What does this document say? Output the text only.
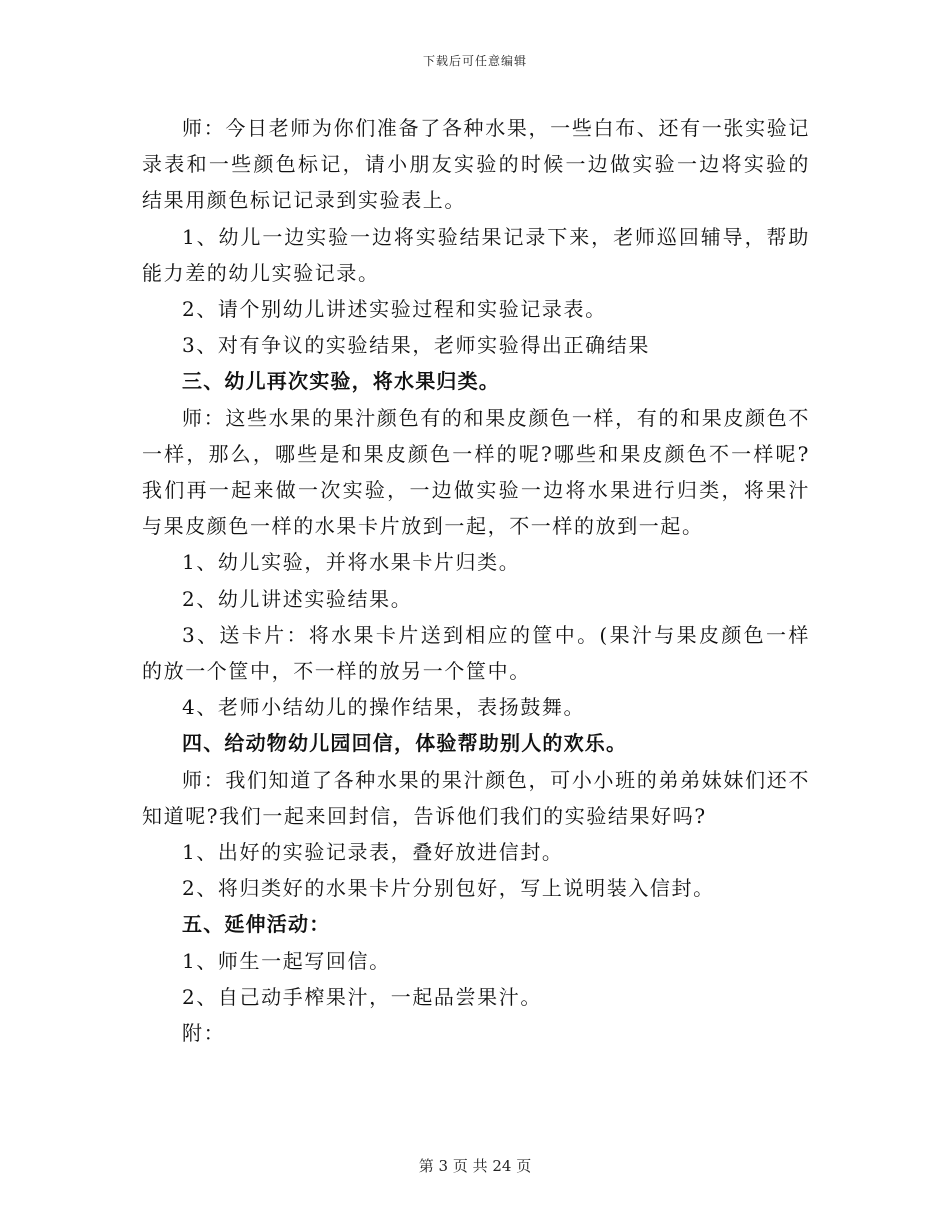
下载后可任意编辑

师：今日老师为你们准备了各种水果，一些白布、还有一张实验记录表和一些颜色标记，请小朋友实验的时候一边做实验一边将实验的结果用颜色标记记录到实验表上。

1、幼儿一边实验一边将实验结果记录下来，老师巡回辅导，帮助能力差的幼儿实验记录。

2、请个别幼儿讲述实验过程和实验记录表。

3、对有争议的实验结果，老师实验得出正确结果

三、幼儿再次实验，将水果归类。

师：这些水果的果汁颜色有的和果皮颜色一样，有的和果皮颜色不一样，那么，哪些是和果皮颜色一样的呢?哪些和果皮颜色不一样呢?我们再一起来做一次实验，一边做实验一边将水果进行归类，将果汁与果皮颜色一样的水果卡片放到一起，不一样的放到一起。

1、幼儿实验，并将水果卡片归类。

2、幼儿讲述实验结果。

3、送卡片：将水果卡片送到相应的筐中。(果汁与果皮颜色一样的放一个筐中，不一样的放另一个筐中。

4、老师小结幼儿的操作结果，表扬鼓舞。

四、给动物幼儿园回信，体验帮助别人的欢乐。

师：我们知道了各种水果的果汁颜色，可小小班的弟弟妹妹们还不知道呢?我们一起来回封信，告诉他们我们的实验结果好吗?

1、出好的实验记录表，叠好放进信封。

2、将归类好的水果卡片分别包好，写上说明装入信封。

五、延伸活动：

1、师生一起写回信。

2、自己动手榨果汁，一起品尝果汁。

附：

第 3 页 共 24 页
